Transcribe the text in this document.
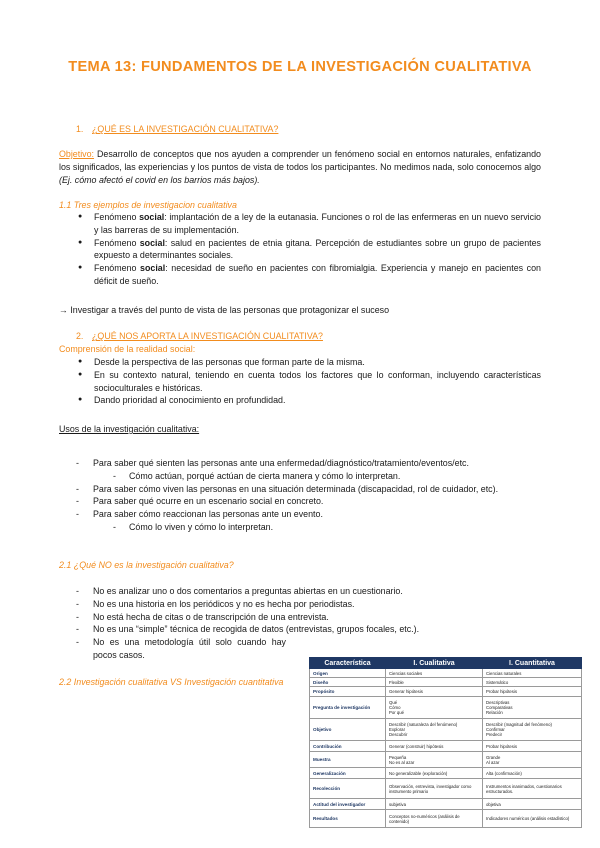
TEMA 13: FUNDAMENTOS DE LA INVESTIGACIÓN CUALITATIVA
1. ¿QUÉ ES LA INVESTIGACIÓN CUALITATIVA?
Objetivo: Desarrollo de conceptos que nos ayuden a comprender un fenómeno social en entornos naturales, enfatizando los significados, las experiencias y los puntos de vista de todos los participantes. No medimos nada, solo conocemos algo (Ej. cómo afectó el covid en los barrios más bajos).
1.1 Tres ejemplos de investigacion cualitativa
● Fenómeno social: implantación de a ley de la eutanasia. Funciones o rol de las enfermeras en un nuevo servicio y las barreras de su implementación.
● Fenómeno social: salud en pacientes de etnia gitana. Percepción de estudiantes sobre un grupo de pacientes expuesto a determinantes sociales.
● Fenómeno social: necesidad de sueño en pacientes con fibromialgia. Experiencia y manejo en pacientes con déficit de sueño.
→ Investigar a través del punto de vista de las personas que protagonizar el suceso
2. ¿QUÉ NOS APORTA LA INVESTIGACIÓN CUALITATIVA?
Comprensión de la realidad social:
● Desde la perspectiva de las personas que forman parte de la misma.
● En su contexto natural, teniendo en cuenta todos los factores que lo conforman, incluyendo características socioculturales e históricas.
● Dando prioridad al conocimiento en profundidad.
Usos de la investigación cualitativa:
- Para saber qué sienten las personas ante una enfermedad/diagnóstico/tratamiento/eventos/etc.
- Cómo actúan, porqué actúan de cierta manera y cómo lo interpretan.
- Para saber cómo viven las personas en una situación determinada (discapacidad, rol de cuidador, etc).
- Para saber qué ocurre en un escenario social en concreto.
- Para saber cómo reaccionan las personas ante un evento.
- Cómo lo viven y cómo lo interpretan.
2.1 ¿Qué NO es la investigación cualitativa?
- No es analizar uno o dos comentarios a preguntas abiertas en un cuestionario.
- No es una historia en los periódicos y no es hecha por periodistas.
- No está hecha de citas o de transcripción de una entrevista.
- No es una “simple” técnica de recogida de datos (entrevistas, grupos focales, etc.).
- No es una metodología útil solo cuando hay pocos casos.
2.2 Investigación cualitativa VS Investigación cuantitativa
Característica	I. Cualitativa	I. Cuantitativa
Origen	Ciencias sociales	Ciencias naturales
Diseño	Flexible	Sistemático
Propósito	Generar hipótesis	Probar hipótesis
Pregunta de investigación	Qué
Cómo
Por qué	Descriptivas
Comparativas
Relación
Objetivo	Describir (naturaleza del fenómeno)
Explorar
Descubrir	Describir (magnitud del fenómeno)
Confirmar
Predecir
Contribución	Generar (construir) hipótesis	Probar hipótesis
Muestra	Pequeña
No es al azar	Grande
Al azar
Generalización	No generalizable (exploración)	Alta (confirmación)
Recolección	Observación, entrevista, investigador como instrumento primario	Instrumentos inanimados, cuestionarios estructurados.
Actitud del investigador	subjetiva	objetiva
Resultados	Conceptos no-numéricos (análisis de contenido)	Indicadores numéricos (análisis estadístico)
